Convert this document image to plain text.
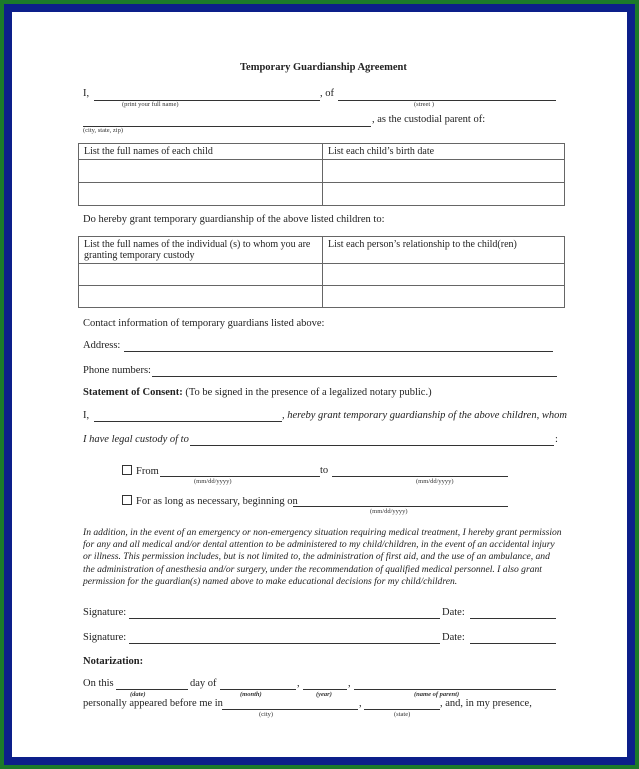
Temporary Guardianship Agreement
I,	, of
(print your full name)	(street )
, as the custodial parent of:
(city, state, zip)
List the full names of each child	List each child’s birth date

Do hereby grant temporary guardianship of the above listed children to:
List the full names of the individual (s) to whom you are granting temporary custody	List each person’s relationship to the child(ren)

Contact information of temporary guardians listed above:
Address:
Phone numbers:
Statement of Consent: (To be signed in the presence of a legalized notary public.)
I,	, hereby grant temporary guardianship of the above children, whom
I have legal custody of to	:
From	to
(mm/dd/yyyy)	(mm/dd/yyyy)
For as long as necessary, beginning on
(mm/dd/yyyy)
In addition, in the event of an emergency or non-emergency situation requiring medical treatment, I hereby grant permission for any and all medical and/or dental attention to be administered to my child/children, in the event of an accidental injury or illness. This permission includes, but is not limited to, the administration of first aid, and the use of an ambulance, and the administration of anesthesia and/or surgery, under the recommendation of qualified medical personnel. I also grant permission for the guardian(s) named above to make educational decisions for my child/children.
Signature:	Date:
Signature:	Date:
Notarization:
On this	day of	,	,
(date)	(month)	(year)	(name of parent)
personally appeared before me in	,	, and, in my presence,
(city)	(state)
